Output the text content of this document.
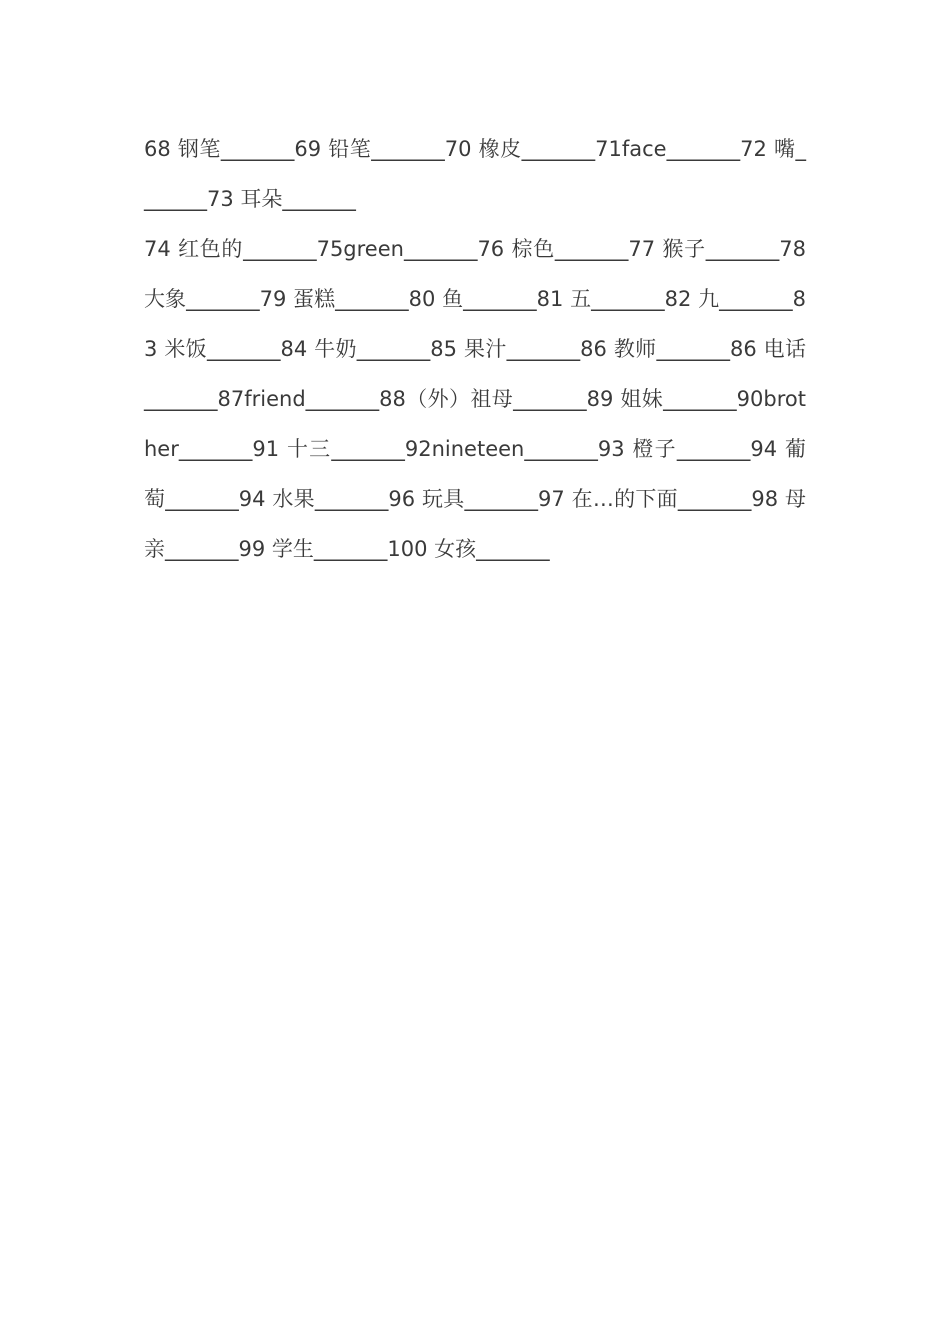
68 钢笔_______69 铅笔_______70 橡皮_______71face_______72 嘴_______73 耳朵_______

74 红色的_______75green_______76 棕色_______77 猴子_______78 大象_______79 蛋糕_______80 鱼_______81 五_______82 九_______83 米饭_______84 牛奶_______85 果汁_______86 教师_______86 电话_______87friend_______88（外）祖母_______89 姐妹_______90brother_______91 十三_______92nineteen_______93 橙子_______94 葡萄_______94 水果_______96 玩具_______97 在…的下面_______98 母亲_______99 学生_______100 女孩_______
